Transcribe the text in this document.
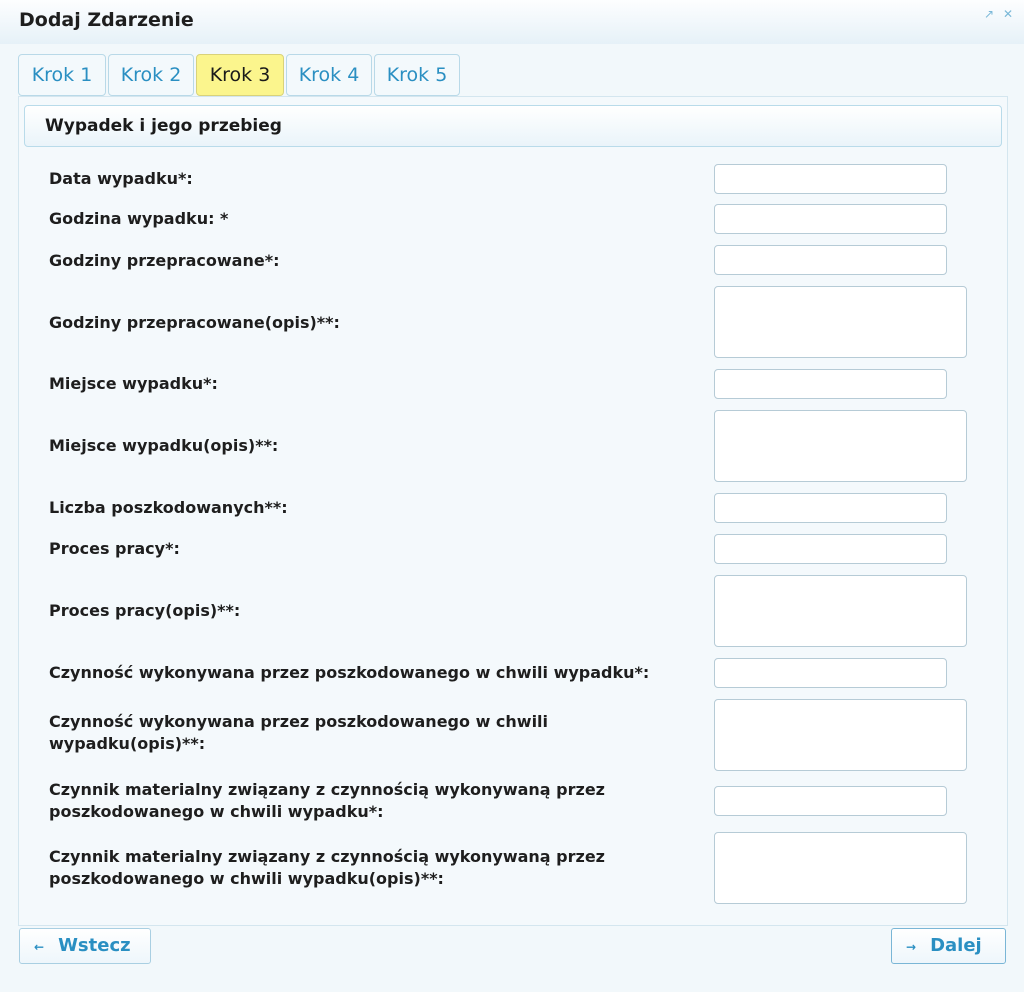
Dodaj Zdarzenie	↗ ✕
Krok 1	Krok 2	Krok 3	Krok 4	Krok 5
Wypadek i jego przebieg
Data wypadku*:
Godzina wypadku: *
Godziny przepracowane*:
Godziny przepracowane(opis)**:
Miejsce wypadku*:
Miejsce wypadku(opis)**:
Liczba poszkodowanych**:
Proces pracy*:
Proces pracy(opis)**:
Czynność wykonywana przez poszkodowanego w chwili wypadku*:
Czynność wykonywana przez poszkodowanego w chwili wypadku(opis)**:
Czynnik materialny związany z czynnością wykonywaną przez poszkodowanego w chwili wypadku*:
Czynnik materialny związany z czynnością wykonywaną przez poszkodowanego w chwili wypadku(opis)**:
← Wstecz	→ Dalej
